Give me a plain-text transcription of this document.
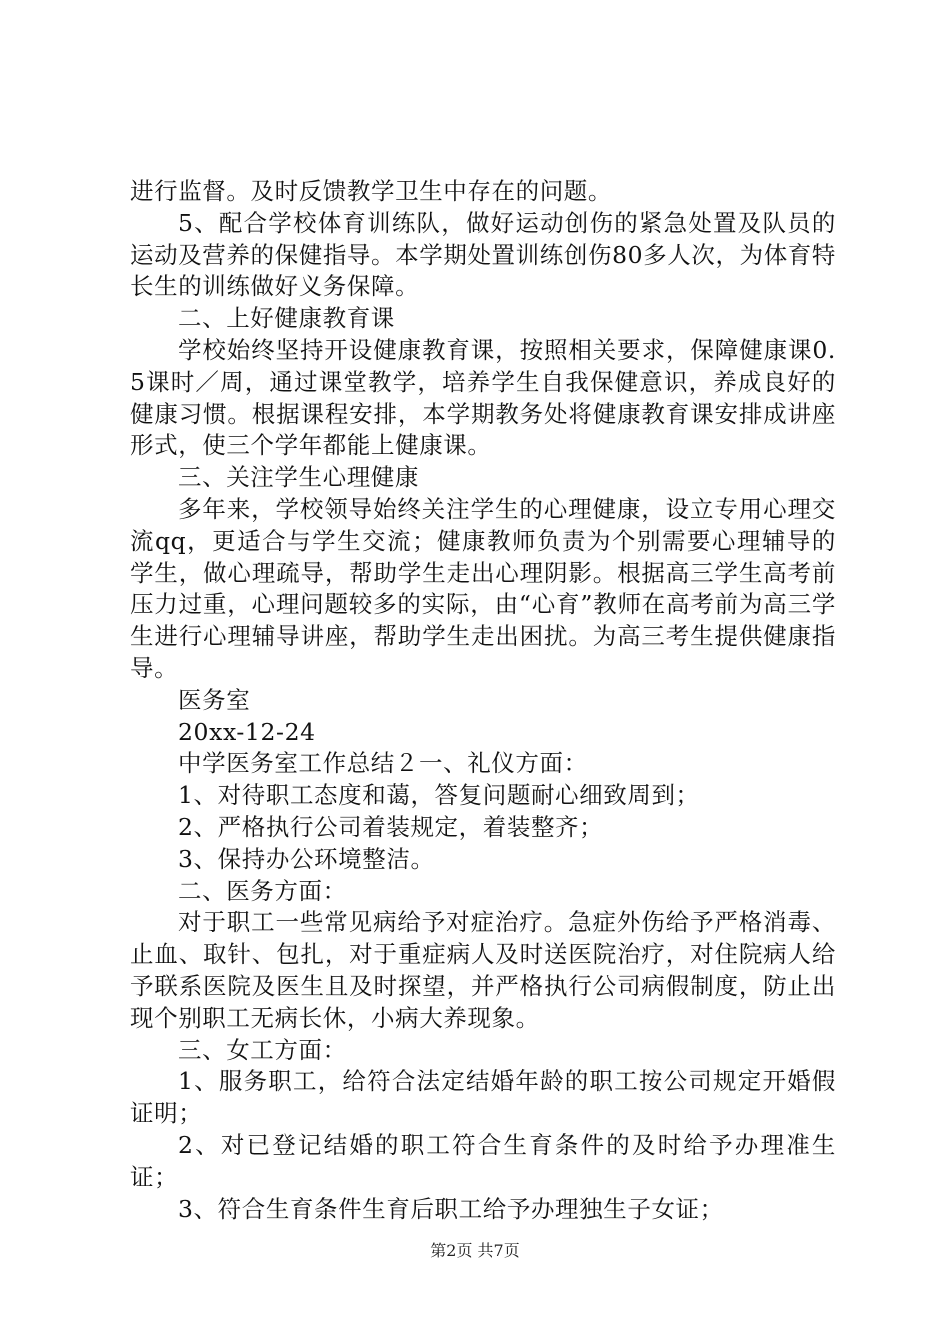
进行监督。及时反馈教学卫生中存在的问题。

5、配合学校体育训练队，做好运动创伤的紧急处置及队员的运动及营养的保健指导。本学期处置训练创伤80多人次，为体育特长生的训练做好义务保障。

二、上好健康教育课

学校始终坚持开设健康教育课，按照相关要求，保障健康课0.5课时／周，通过课堂教学，培养学生自我保健意识，养成良好的健康习惯。根据课程安排，本学期教务处将健康教育课安排成讲座形式，使三个学年都能上健康课。

三、关注学生心理健康

多年来，学校领导始终关注学生的心理健康，设立专用心理交流qq，更适合与学生交流；健康教师负责为个别需要心理辅导的学生，做心理疏导，帮助学生走出心理阴影。根据高三学生高考前压力过重，心理问题较多的实际，由“心育”教师在高考前为高三学生进行心理辅导讲座，帮助学生走出困扰。为高三考生提供健康指导。

医务室

20xx-12-24

中学医务室工作总结２一、礼仪方面：

1、对待职工态度和蔼，答复问题耐心细致周到；

2、严格执行公司着装规定，着装整齐；

3、保持办公环境整洁。

二、医务方面：

对于职工一些常见病给予对症治疗。急症外伤给予严格消毒、止血、取针、包扎，对于重症病人及时送医院治疗，对住院病人给予联系医院及医生且及时探望，并严格执行公司病假制度，防止出现个别职工无病长休，小病大养现象。

三、女工方面：

1、服务职工，给符合法定结婚年龄的职工按公司规定开婚假证明；

2、对已登记结婚的职工符合生育条件的及时给予办理准生证；

3、符合生育条件生育后职工给予办理独生子女证；

第2页 共7页
